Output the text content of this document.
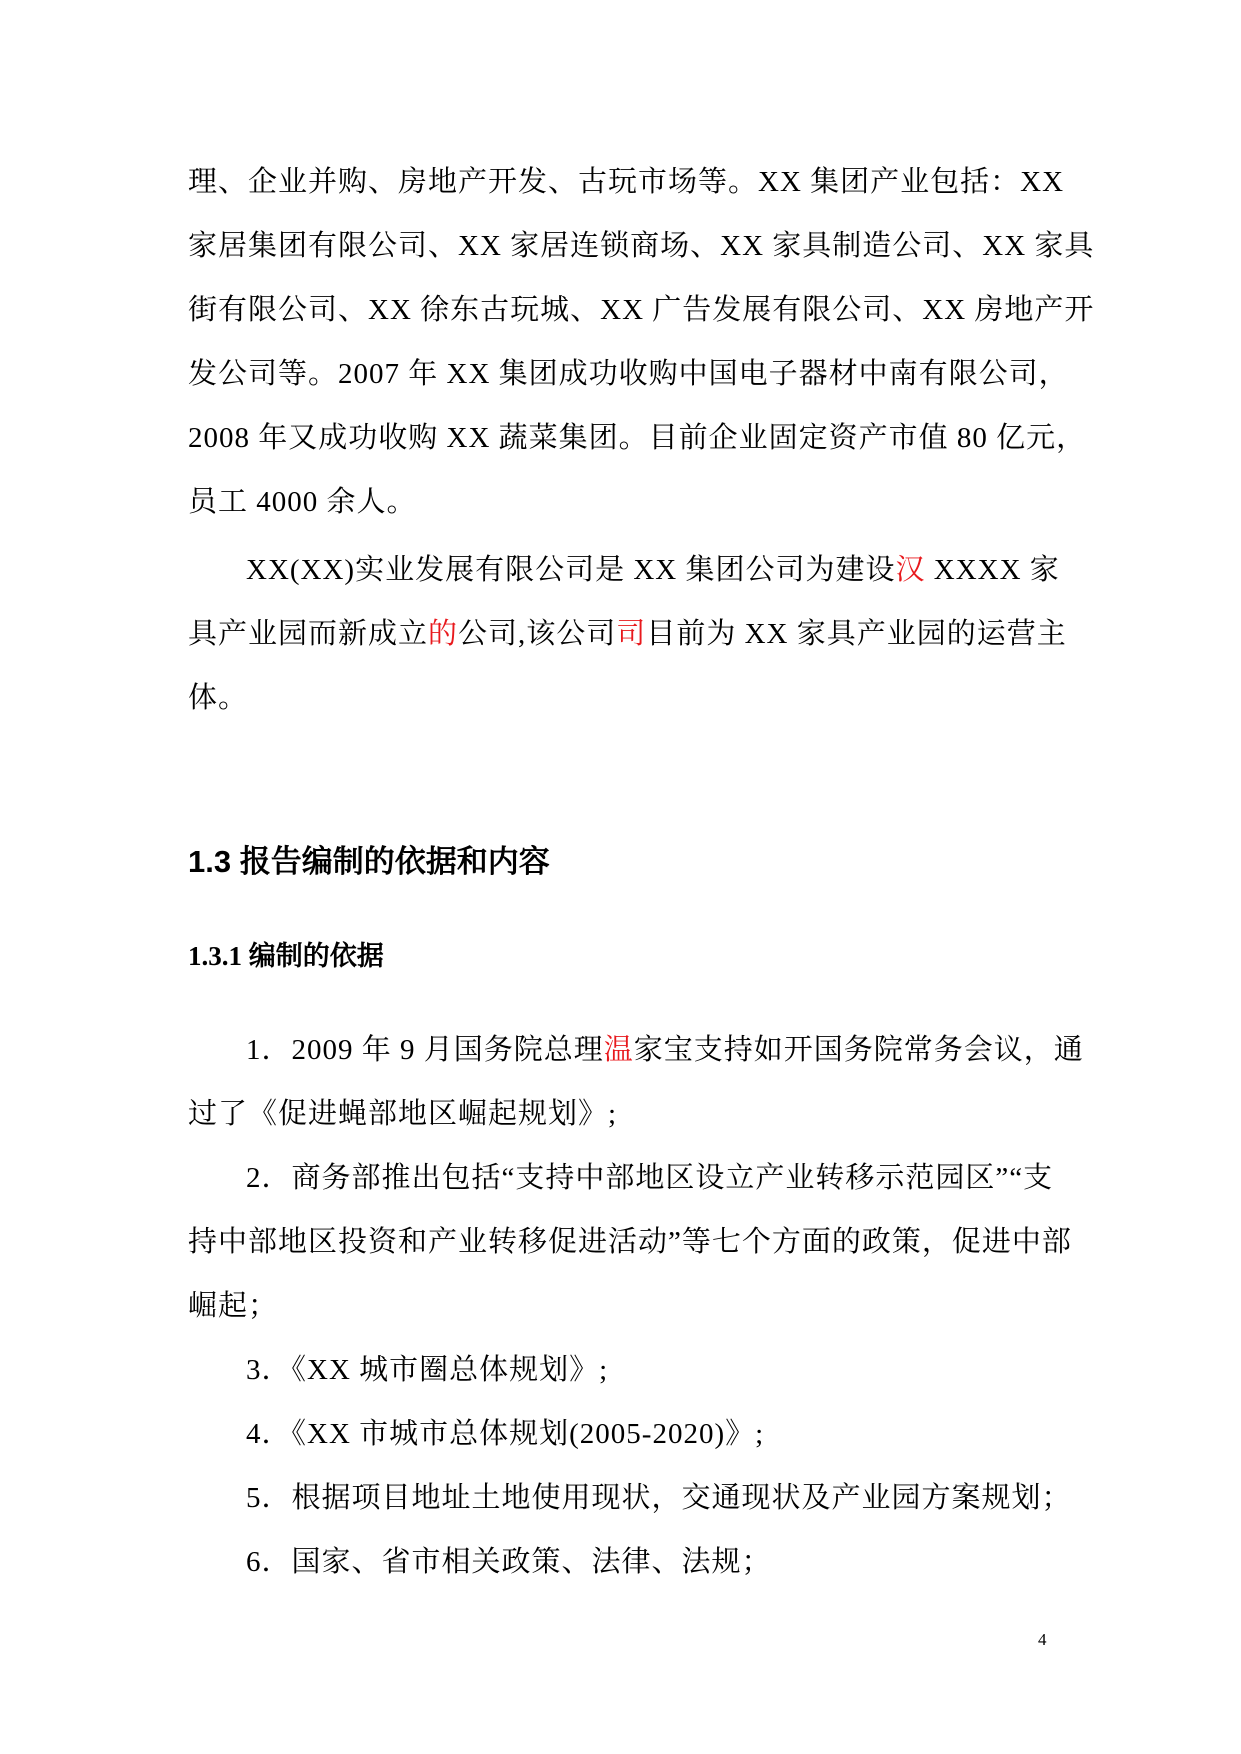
理、企业并购、房地产开发、古玩市场等。XX 集团产业包括：XX

家居集团有限公司、XX 家居连锁商场、XX 家具制造公司、XX 家具

街有限公司、XX 徐东古玩城、XX 广告发展有限公司、XX 房地产开

发公司等。2007 年 XX 集团成功收购中国电子器材中南有限公司，

2008 年又成功收购 XX 蔬菜集团。目前企业固定资产市值 80 亿元，

员工 4000 余人。

XX(XX)实业发展有限公司是 XX 集团公司为建设汉 XXXX 家

具产业园而新成立的公司,该公司司目前为 XX 家具产业园的运营主

体。

1.3 报告编制的依据和内容
1.3.1 编制的依据

1．2009 年 9 月国务院总理温家宝支持如开国务院常务会议，通

过了《促进蝇部地区崛起规划》;

2．商务部推出包括“支持中部地区设立产业转移示范园区”“支

持中部地区投资和产业转移促进活动”等七个方面的政策，促进中部

崛起；

3．《XX 城市圈总体规划》;

4．《XX 市城市总体规划(2005-2020)》;

5．根据项目地址土地使用现状，交通现状及产业园方案规划；

6．国家、省市相关政策、法律、法规；

4
